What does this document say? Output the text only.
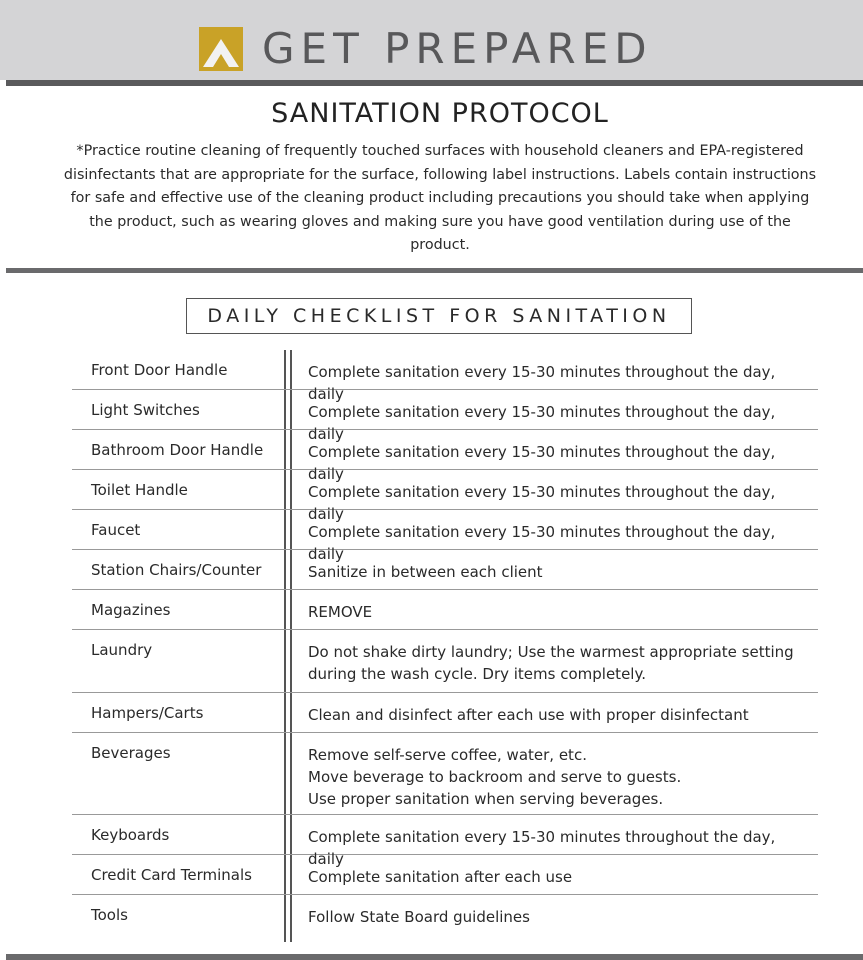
GET PREPARED
SANITATION PROTOCOL
*Practice routine cleaning of frequently touched surfaces with household cleaners and EPA-registered disinfectants that are appropriate for the surface, following label instructions. Labels contain instructions for safe and effective use of the cleaning product including precautions you should take when applying the product, such as wearing gloves and making sure you have good ventilation during use of the product.
DAILY CHECKLIST FOR SANITATION
Front Door Handle	Complete sanitation every 15-30 minutes throughout the day, daily
Light Switches	Complete sanitation every 15-30 minutes throughout the day, daily
Bathroom Door Handle	Complete sanitation every 15-30 minutes throughout the day, daily
Toilet Handle	Complete sanitation every 15-30 minutes throughout the day, daily
Faucet	Complete sanitation every 15-30 minutes throughout the day, daily
Station Chairs/Counter	Sanitize in between each client
Magazines	REMOVE
Laundry	Do not shake dirty laundry; Use the warmest appropriate setting
during the wash cycle. Dry items completely.
Hampers/Carts	Clean and disinfect after each use with proper disinfectant
Beverages	Remove self-serve coffee, water, etc.
Move beverage to backroom and serve to guests.
Use proper sanitation when serving beverages.
Keyboards	Complete sanitation every 15-30 minutes throughout the day, daily
Credit Card Terminals	Complete sanitation after each use
Tools	Follow State Board guidelines
